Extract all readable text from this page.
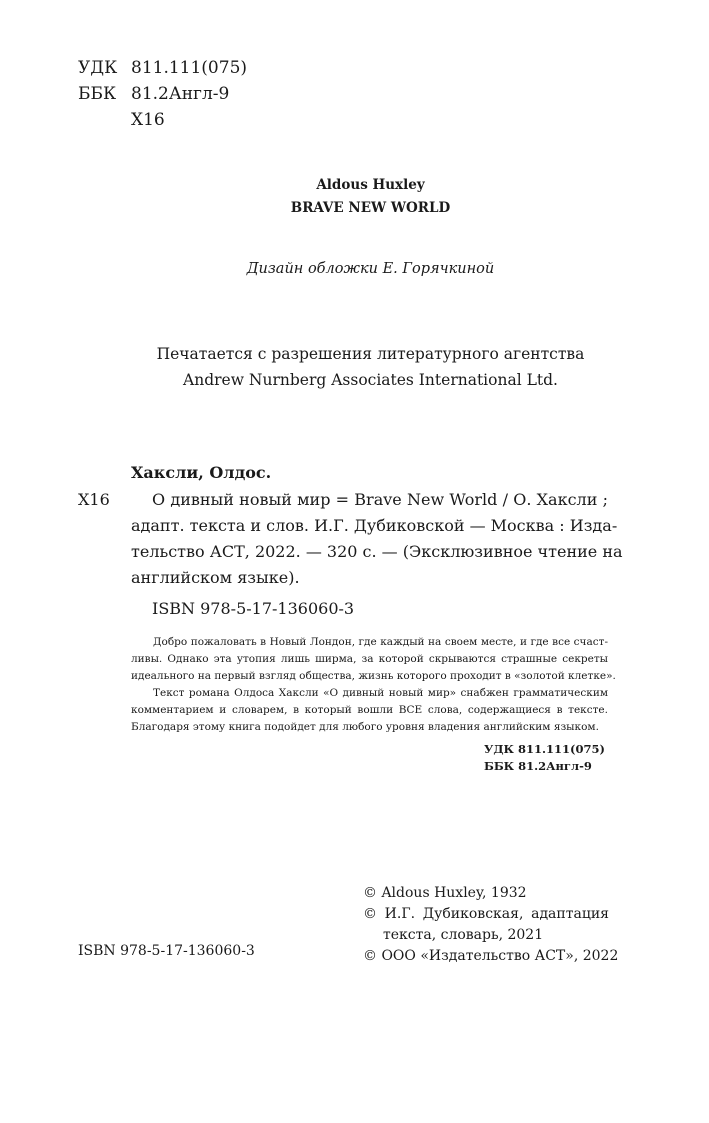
УДК 811.111(075)
ББК 81.2Англ-9
Х16
Aldous Huxley
BRAVE NEW WORLD
Дизайн обложки Е. Горячкиной
Печатается с разрешения литературного агентства
Andrew Nurnberg Associates International Ltd.
Хаксли, Олдос.
Х16	О дивный новый мир = Brave New World / О. Хаксли ;
адапт. текста и слов. И.Г. Дубиковской — Москва : Изда-
тельство АСТ, 2022. — 320 с. — (Эксклюзивное чтение на
английском языке).
ISBN 978-5-17-136060-3
Добро пожаловать в Новый Лондон, где каждый на своем месте, и где все счаст-
ливы. Однако эта утопия лишь ширма, за которой скрываются страшные секреты
идеального на первый взгляд общества, жизнь которого проходит в «золотой клетке».
Текст романа Олдоса Хаксли «О дивный новый мир» снабжен грамматическим
комментарием и словарем, в который вошли ВСЕ слова, содержащиеся в тексте.
Благодаря этому книга подойдет для любого уровня владения английским языком.
УДК 811.111(075)
ББК 81.2Англ-9
© Aldous Huxley, 1932
© И.Г. Дубиковская, адаптация
текста, словарь, 2021
© ООО «Издательство АСТ», 2022
ISBN 978-5-17-136060-3
